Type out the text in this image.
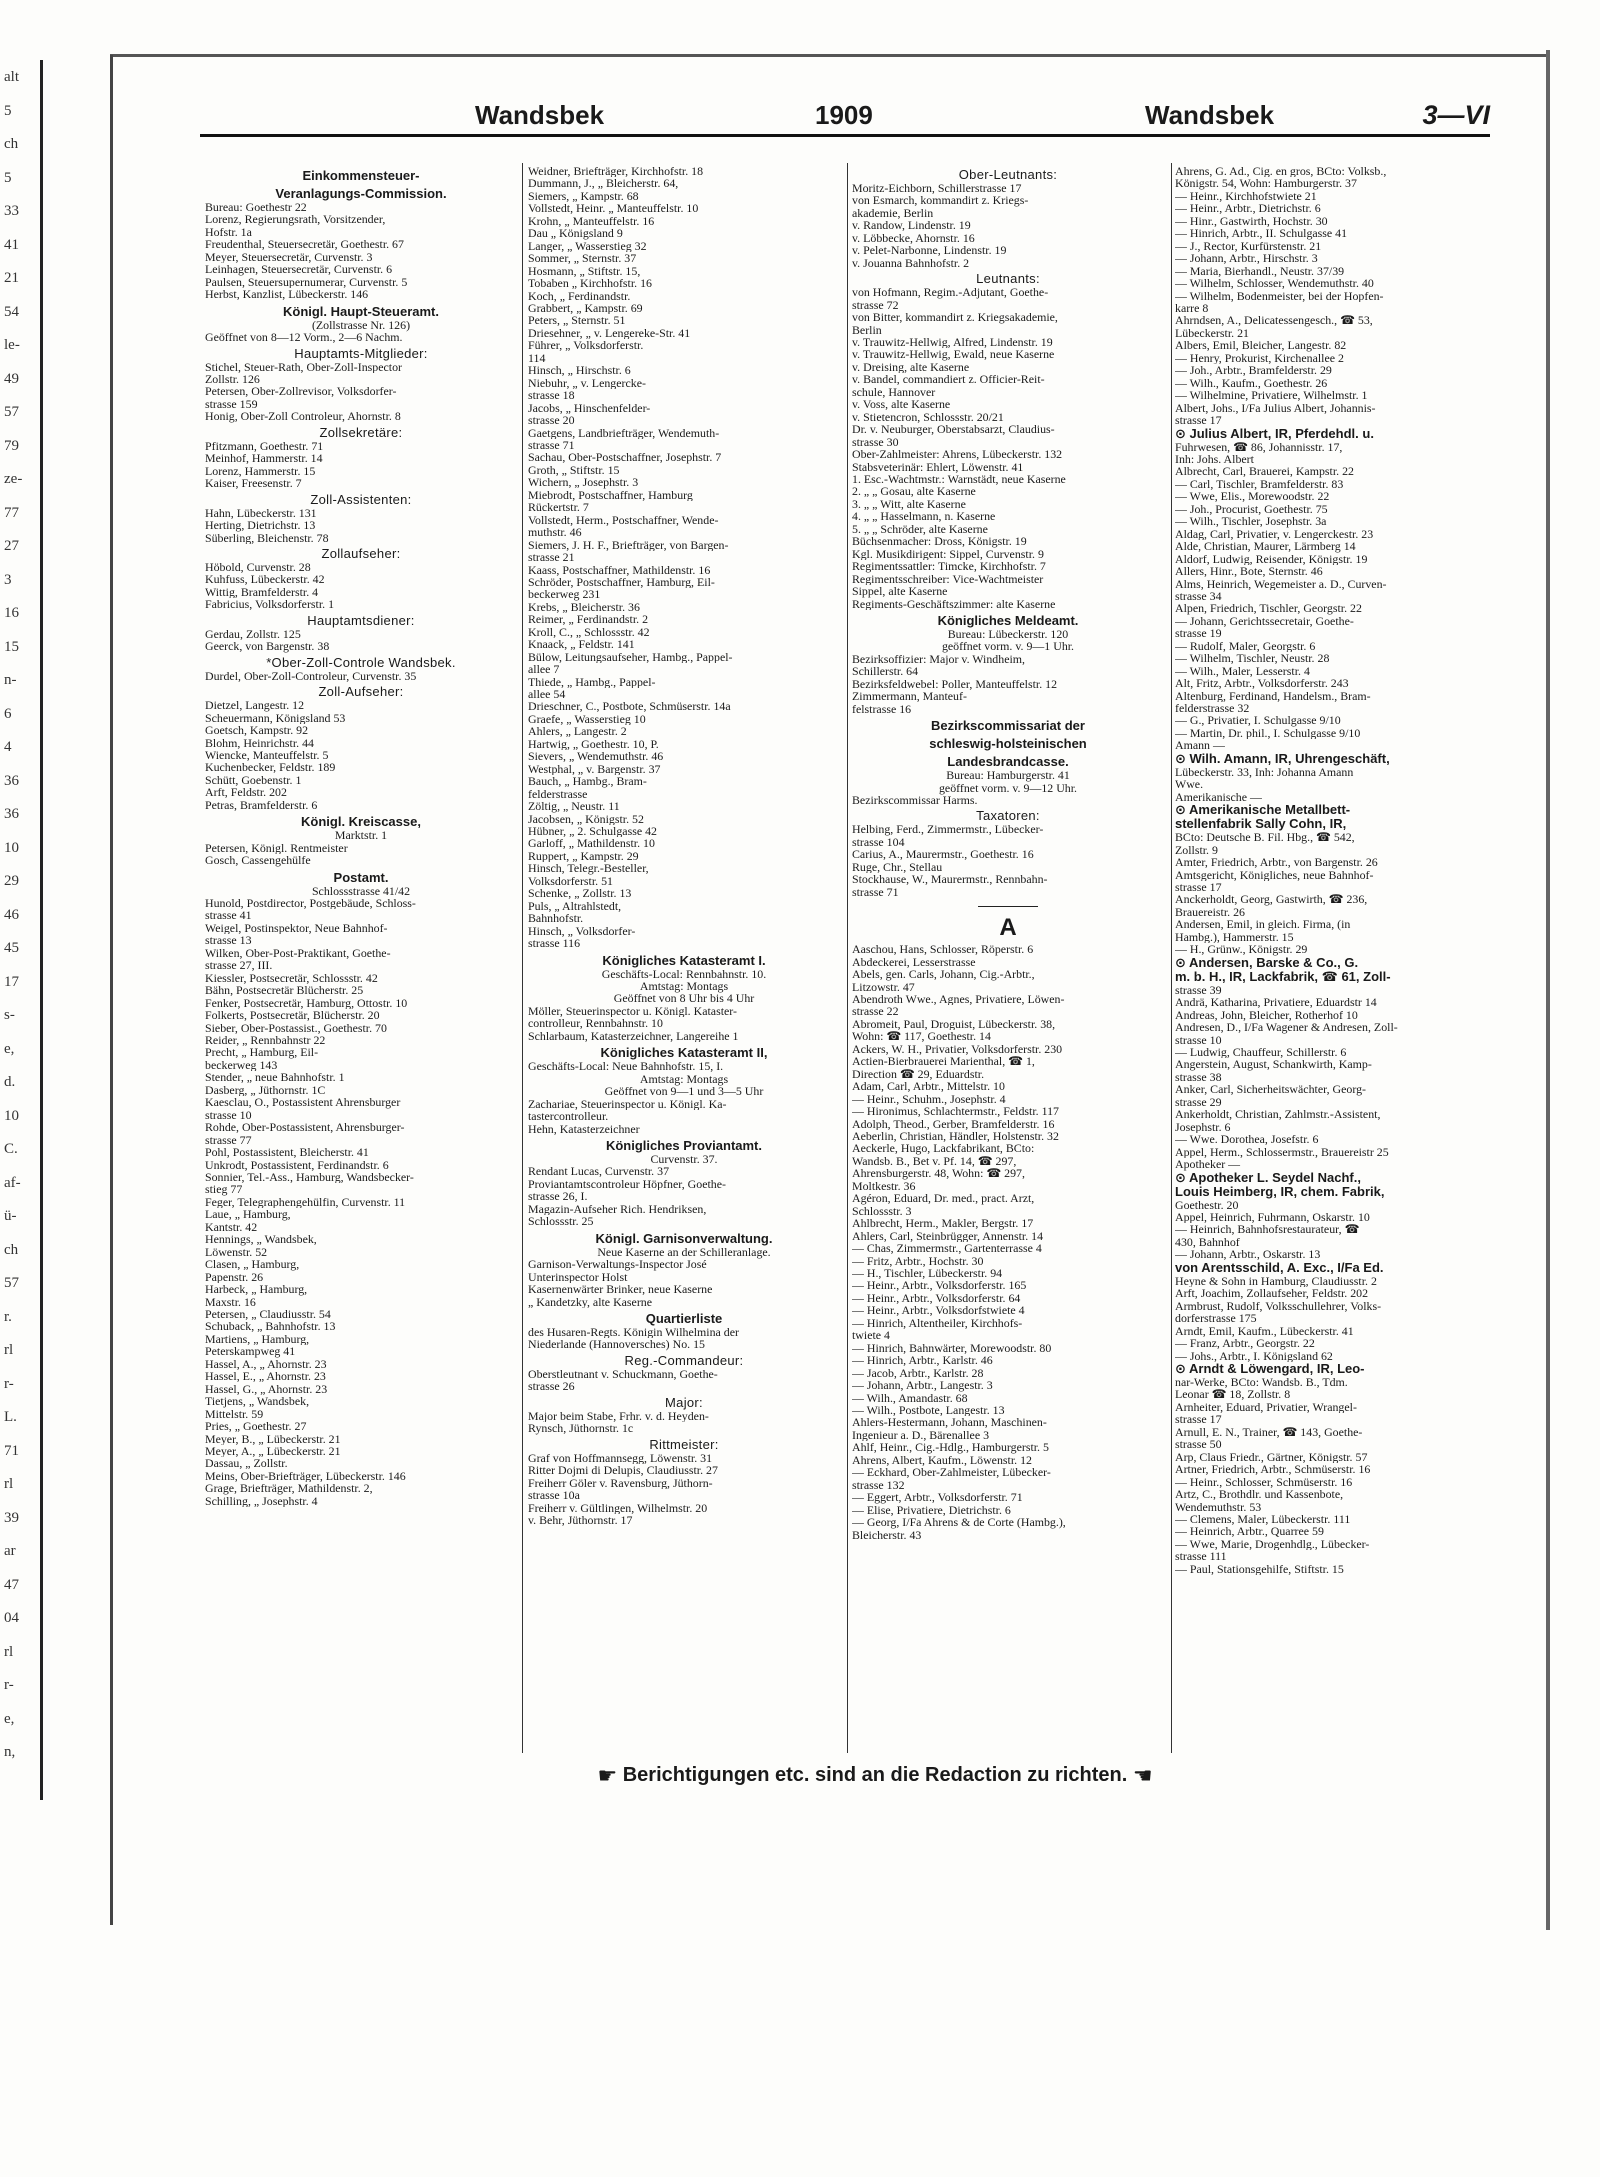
alt
5
ch
5
33
41
21
54
le-
49
57
79
ze-
77
27
3
16
15
n-
6
4
36
36
10
29
46
45
17
s-
e,
d.
10
C.
af-
ü-
ch
57
r.
rl
r-
L.
71
rl
39
ar
47
04
rl
r-
e,
n,
Wandsbek	1909	Wandsbek	3—VI
Einkommensteuer-
Veranlagungs-Commission.
Bureau: Goethestr 22
Lorenz, Regierungsrath, Vorsitzender,
Hofstr. 1a
Freudenthal, Steuersecretär, Goethestr. 67
Meyer, Steuersecretär, Curvenstr. 3
Leinhagen, Steuersecretär, Curvenstr. 6
Paulsen, Steuersupernumerar, Curvenstr. 5
Herbst, Kanzlist, Lübeckerstr. 146
Königl. Haupt-Steueramt.
(Zollstrasse Nr. 126)
Geöffnet von 8—12 Vorm., 2—6 Nachm.
Hauptamts-Mitglieder:
Stichel, Steuer-Rath, Ober-Zoll-Inspector
Zollstr. 126
Petersen, Ober-Zollrevisor, Volksdorfer-
strasse 159
Honig, Ober-Zoll Controleur, Ahornstr. 8
Zollsekretäre:
Pfitzmann, Goethestr. 71
Meinhof, Hammerstr. 14
Lorenz, Hammerstr. 15
Kaiser, Freesenstr. 7
Zoll-Assistenten:
Hahn, Lübeckerstr. 131
Herting, Dietrichstr. 13
Süberling, Bleichenstr. 78
Zollaufseher:
Höbold, Curvenstr. 28
Kuhfuss, Lübeckerstr. 42
Wittig, Bramfelderstr. 4
Fabricius, Volksdorferstr. 1
Hauptamtsdiener:
Gerdau, Zollstr. 125
Geerck, von Bargenstr. 38
*Ober-Zoll-Controle Wandsbek.
Durdel, Ober-Zoll-Controleur, Curvenstr. 35
Zoll-Aufseher:
Dietzel, Langestr. 12
Scheuermann, Königsland 53
Goetsch, Kampstr. 92
Blohm, Heinrichstr. 44
Wiencke, Manteuffelstr. 5
Kuchenbecker, Feldstr. 189
Schütt, Goebenstr. 1
Arft, Feldstr. 202
Petras, Bramfelderstr. 6
Königl. Kreiscasse,
Marktstr. 1
Petersen, Königl. Rentmeister
Gosch, Cassengehülfe
Postamt.
Schlossstrasse 41/42
Hunold, Postdirector, Postgebäude, Schloss-
strasse 41
Weigel, Postinspektor, Neue Bahnhof-
strasse 13
Wilken, Ober-Post-Praktikant, Goethe-
strasse 27, III.
Kiessler, Postsecretär, Schlossstr. 42
Bähn, Postsecretär Blücherstr. 25
Fenker, Postsecretär, Hamburg, Ottostr. 10
Folkerts, Postsecretär, Blücherstr. 20
Sieber, Ober-Postassist., Goethestr. 70
Reider, „ Rennbahnstr 22
Precht, „ Hamburg, Eil-
beckerweg 143
Stender, „ neue Bahnhofstr. 1
Dasberg, „ Jüthornstr. 1C
Kaesclau, O., Postassistent Ahrensburger
strasse 10
Rohde, Ober-Postassistent, Ahrensburger-
strasse 77
Pohl, Postassistent, Bleicherstr. 41
Unkrodt, Postassistent, Ferdinandstr. 6
Sonnier, Tel.-Ass., Hamburg, Wandsbecker-
stieg 77
Feger, Telegraphengehülfin, Curvenstr. 11
Laue, „ Hamburg,
Kantstr. 42
Hennings, „ Wandsbek,
Löwenstr. 52
Clasen, „ Hamburg,
Papenstr. 26
Harbeck, „ Hamburg,
Maxstr. 16
Petersen, „ Claudiusstr. 54
Schuback, „ Bahnhofstr. 13
Martiens, „ Hamburg,
Peterskampweg 41
Hassel, A., „ Ahornstr. 23
Hassel, E., „ Ahornstr. 23
Hassel, G., „ Ahornstr. 23
Tietjens, „ Wandsbek,
Mittelstr. 59
Pries, „ Goethestr. 27
Meyer, B., „ Lübeckerstr. 21
Meyer, A., „ Lübeckerstr. 21
Dassau, „ Zollstr.
Meins, Ober-Briefträger, Lübeckerstr. 146
Grage, Briefträger, Mathildenstr. 2,
Schilling, „ Josephstr. 4
Weidner, Briefträger, Kirchhofstr. 18
Dummann, J., „ Bleicherstr. 64,
Siemers, „ Kampstr. 68
Vollstedt, Heinr. „ Manteuffelstr. 10
Krohn, „ Manteuffelstr. 16
Dau „ Königsland 9
Langer, „ Wasserstieg 32
Sommer, „ Sternstr. 37
Hosmann, „ Stiftstr. 15,
Tobaben „ Kirchhofstr. 16
Koch, „ Ferdinandstr.
Grabbert, „ Kampstr. 69
Peters, „ Sternstr. 51
Driesehner, „ v. Lengereke-Str. 41
Führer, „ Volksdorferstr.
114
Hinsch, „ Hirschstr. 6
Niebuhr, „ v. Lengercke-
strasse 18
Jacobs, „ Hinschenfelder-
strasse 20
Gaetgens, Landbriefträger, Wendemuth-
strasse 71
Sachau, Ober-Postschaffner, Josephstr. 7
Groth, „ Stiftstr. 15
Wichern, „ Josephstr. 3
Miebrodt, Postschaffner, Hamburg
Rückertstr. 7
Vollstedt, Herm., Postschaffner, Wende-
muthstr. 46
Siemers, J. H. F., Briefträger, von Bargen-
strasse 21
Kaass, Postschaffner, Mathildenstr. 16
Schröder, Postschaffner, Hamburg, Eil-
beckerweg 231
Krebs, „ Bleicherstr. 36
Reimer, „ Ferdinandstr. 2
Kroll, C., „ Schlossstr. 42
Knaack, „ Feldstr. 141
Bülow, Leitungsaufseher, Hambg., Pappel-
allee 7
Thiede, „ Hambg., Pappel-
allee 54
Drieschner, C., Postbote, Schmüserstr. 14a
Graefe, „ Wasserstieg 10
Ahlers, „ Langestr. 2
Hartwig, „ Goethestr. 10, P.
Sievers, „ Wendemuthstr. 46
Westphal, „ v. Bargenstr. 37
Bauch, „ Hambg., Bram-
felderstrasse
Zöltig, „ Neustr. 11
Jacobsen, „ Königstr. 52
Hübner, „ 2. Schulgasse 42
Garloff, „ Mathildenstr. 10
Ruppert, „ Kampstr. 29
Hinsch, Telegr.-Besteller,
Volksdorferstr. 51
Schenke, „ Zollstr. 13
Puls, „ Altrahlstedt,
Bahnhofstr.
Hinsch, „ Volksdorfer-
strasse 116
Königliches Katasteramt I.
Geschäfts-Local: Rennbahnstr. 10.
Amtstag: Montags
Geöffnet von 8 Uhr bis 4 Uhr
Möller, Steuerinspector u. Königl. Kataster-
controlleur, Rennbahnstr. 10
Schlarbaum, Katasterzeichner, Langereihe 1
Königliches Katasteramt II,
Geschäfts-Local: Neue Bahnhofstr. 15, I.
Amtstag: Montags
Geöffnet von 9—1 und 3—5 Uhr
Zachariae, Steuerinspector u. Königl. Ka-
tastercontrolleur.
Hehn, Katasterzeichner
Königliches Proviantamt.
Curvenstr. 37.
Rendant Lucas, Curvenstr. 37
Proviantamtscontroleur Höpfner, Goethe-
strasse 26, I.
Magazin-Aufseher Rich. Hendriksen,
Schlossstr. 25
Königl. Garnisonverwaltung.
Neue Kaserne an der Schilleranlage.
Garnison-Verwaltungs-Inspector José
Unterinspector Holst
Kasernenwärter Brinker, neue Kaserne
„ Kandetzky, alte Kaserne
Quartierliste
des Husaren-Regts. Königin Wilhelmina der
Niederlande (Hannoversches) No. 15
Reg.-Commandeur:
Oberstleutnant v. Schuckmann, Goethe-
strasse 26
Major:
Major beim Stabe, Frhr. v. d. Heyden-
Rynsch, Jüthornstr. 1c
Rittmeister:
Graf von Hoffmannsegg, Löwenstr. 31
Ritter Dojmi di Delupis, Claudiusstr. 27
Freiherr Göler v. Ravensburg, Jüthorn-
strasse 10a
Freiherr v. Gültlingen, Wilhelmstr. 20
v. Behr, Jüthornstr. 17
Ober-Leutnants:
Moritz-Eichborn, Schillerstrasse 17
von Esmarch, kommandirt z. Kriegs-
akademie, Berlin
v. Randow, Lindenstr. 19
v. Löbbecke, Ahornstr. 16
v. Pelet-Narbonne, Lindenstr. 19
v. Jouanna Bahnhofstr. 2
Leutnants:
von Hofmann, Regim.-Adjutant, Goethe-
strasse 72
von Bitter, kommandirt z. Kriegsakademie,
Berlin
v. Trauwitz-Hellwig, Alfred, Lindenstr. 19
v. Trauwitz-Hellwig, Ewald, neue Kaserne
v. Dreising, alte Kaserne
v. Bandel, commandiert z. Officier-Reit-
schule, Hannover
v. Voss, alte Kaserne
v. Stietencron, Schlossstr. 20/21
Dr. v. Neuburger, Oberstabsarzt, Claudius-
strasse 30
Ober-Zahlmeister: Ahrens, Lübeckerstr. 132
Stabsveterinär: Ehlert, Löwenstr. 41
1. Esc.-Wachtmstr.: Warnstädt, neue Kaserne
2. „ „ Gosau, alte Kaserne
3. „ „ Witt, alte Kaserne
4. „ „ Hasselmann, n. Kaserne
5. „ „ Schröder, alte Kaserne
Büchsenmacher: Dross, Königstr. 19
Kgl. Musikdirigent: Sippel, Curvenstr. 9
Regimentssattler: Timcke, Kirchhofstr. 7
Regimentsschreiber: Vice-Wachtmeister
Sippel, alte Kaserne
Regiments-Geschäftszimmer: alte Kaserne
Königliches Meldeamt.
Bureau: Lübeckerstr. 120
geöffnet vorm. v. 9—1 Uhr.
Bezirksoffizier: Major v. Windheim,
Schillerstr. 64
Bezirksfeldwebel: Poller, Manteuffelstr. 12
Zimmermann, Manteuf-
felstrasse 16
Bezirkscommissariat der
schleswig-holsteinischen
Landesbrandcasse.
Bureau: Hamburgerstr. 41
geöffnet vorm. v. 9—12 Uhr.
Bezirkscommissar Harms.
Taxatoren:
Helbing, Ferd., Zimmermstr., Lübecker-
strasse 104
Carius, A., Maurermstr., Goethestr. 16
Ruge, Chr., Stellau
Stockhause, W., Maurermstr., Rennbahn-
strasse 71
A
Aaschou, Hans, Schlosser, Röperstr. 6
Abdeckerei, Lesserstrasse
Abels, gen. Carls, Johann, Cig.-Arbtr.,
Litzowstr. 47
Abendroth Wwe., Agnes, Privatiere, Löwen-
strasse 22
Abromeit, Paul, Droguist, Lübeckerstr. 38,
Wohn: ☎ 117, Goethestr. 14
Ackers, W. H., Privatier, Volksdorferstr. 230
Actien-Bierbrauerei Marienthal, ☎ 1,
Direction ☎ 29, Eduardstr.
Adam, Carl, Arbtr., Mittelstr. 10
— Heinr., Schuhm., Josephstr. 4
— Hironimus, Schlachtermstr., Feldstr. 117
Adolph, Theod., Gerber, Bramfelderstr. 16
Aeberlin, Christian, Händler, Holstenstr. 32
Aeckerle, Hugo, Lackfabrikant, BCto:
Wandsb. B., Bet v. Pf. 14, ☎ 297,
Ahrensburgerstr. 48, Wohn: ☎ 297,
Moltkestr. 36
Agéron, Eduard, Dr. med., pract. Arzt,
Schlossstr. 3
Ahlbrecht, Herm., Makler, Bergstr. 17
Ahlers, Carl, Steinbrügger, Annenstr. 14
— Chas, Zimmermstr., Gartenterrasse 4
— Fritz, Arbtr., Hochstr. 30
— H., Tischler, Lübeckerstr. 94
— Heinr., Arbtr., Volksdorferstr. 165
— Heinr., Arbtr., Volksdorferstr. 64
— Heinr., Arbtr., Volksdorfstwiete 4
— Hinrich, Altentheiler, Kirchhofs-
twiete 4
— Hinrich, Bahnwärter, Morewoodstr. 80
— Hinrich, Arbtr., Karlstr. 46
— Jacob, Arbtr., Karlstr. 28
— Johann, Arbtr., Langestr. 3
— Wilh., Amandastr. 68
— Wilh., Postbote, Langestr. 13
Ahlers-Hestermann, Johann, Maschinen-
Ingenieur a. D., Bärenallee 3
Ahlf, Heinr., Cig.-Hdlg., Hamburgerstr. 5
Ahrens, Albert, Kaufm., Löwenstr. 12
— Eckhard, Ober-Zahlmeister, Lübecker-
strasse 132
— Eggert, Arbtr., Volksdorferstr. 71
— Elise, Privatiere, Dietrichstr. 6
— Georg, I/Fa Ahrens & de Corte (Hambg.),
Bleicherstr. 43
Ahrens, G. Ad., Cig. en gros, BCto: Volksb.,
Königstr. 54, Wohn: Hamburgerstr. 37
— Heinr., Kirchhofstwiete 21
— Heinr., Arbtr., Dietrichstr. 6
— Hinr., Gastwirth, Hochstr. 30
— Hinrich, Arbtr., II. Schulgasse 41
— J., Rector, Kurfürstenstr. 21
— Johann, Arbtr., Hirschstr. 3
— Maria, Bierhandl., Neustr. 37/39
— Wilhelm, Schlosser, Wendemuthstr. 40
— Wilhelm, Bodenmeister, bei der Hopfen-
karre 8
Ahrndsen, A., Delicatessengesch., ☎ 53,
Lübeckerstr. 21
Albers, Emil, Bleicher, Langestr. 82
— Henry, Prokurist, Kirchenallee 2
— Joh., Arbtr., Bramfelderstr. 29
— Wilh., Kaufm., Goethestr. 26
— Wilhelmine, Privatiere, Wilhelmstr. 1
Albert, Johs., I/Fa Julius Albert, Johannis-
strasse 17
⊙ Julius Albert, IR, Pferdehdl. u.
Fuhrwesen, ☎ 86, Johannisstr. 17,
Inh: Johs. Albert
Albrecht, Carl, Brauerei, Kampstr. 22
— Carl, Tischler, Bramfelderstr. 83
— Wwe, Elis., Morewoodstr. 22
— Joh., Procurist, Goethestr. 75
— Wilh., Tischler, Josephstr. 3a
Aldag, Carl, Privatier, v. Lengerckestr. 23
Alde, Christian, Maurer, Lärmberg 14
Aldorf, Ludwig, Reisender, Königstr. 19
Allers, Hinr., Bote, Sternstr. 46
Alms, Heinrich, Wegemeister a. D., Curven-
strasse 34
Alpen, Friedrich, Tischler, Georgstr. 22
— Johann, Gerichtssecretair, Goethe-
strasse 19
— Rudolf, Maler, Georgstr. 6
— Wilhelm, Tischler, Neustr. 28
— Wilh., Maler, Lesserstr. 4
Alt, Fritz, Arbtr., Volksdorferstr. 243
Altenburg, Ferdinand, Handelsm., Bram-
felderstrasse 32
— G., Privatier, I. Schulgasse 9/10
— Martin, Dr. phil., I. Schulgasse 9/10
Amann —
⊙ Wilh. Amann, IR, Uhrengeschäft,
Lübeckerstr. 33, Inh: Johanna Amann
Wwe.
Amerikanische —
⊙ Amerikanische Metallbett-
stellenfabrik Sally Cohn, IR,
BCto: Deutsche B. Fil. Hbg., ☎ 542,
Zollstr. 9
Amter, Friedrich, Arbtr., von Bargenstr. 26
Amtsgericht, Königliches, neue Bahnhof-
strasse 17
Anckerholdt, Georg, Gastwirth, ☎ 236,
Brauereistr. 26
Andersen, Emil, in gleich. Firma, (in
Hambg.), Hammerstr. 15
— H., Grünw., Königstr. 29
⊙ Andersen, Barske & Co., G.
m. b. H., IR, Lackfabrik, ☎ 61, Zoll-
strasse 39
Andrä, Katharina, Privatiere, Eduardstr 14
Andreas, John, Bleicher, Rotherhof 10
Andresen, D., I/Fa Wagener & Andresen, Zoll-
strasse 10
— Ludwig, Chauffeur, Schillerstr. 6
Angerstein, August, Schankwirth, Kamp-
strasse 38
Anker, Carl, Sicherheitswächter, Georg-
strasse 29
Ankerholdt, Christian, Zahlmstr.-Assistent,
Josephstr. 6
— Wwe. Dorothea, Josefstr. 6
Appel, Herm., Schlossermstr., Brauereistr 25
Apotheker —
⊙ Apotheker L. Seydel Nachf.,
Louis Heimberg, IR, chem. Fabrik,
Goethestr. 20
Appel, Heinrich, Fuhrmann, Oskarstr. 10
— Heinrich, Bahnhofsrestaurateur, ☎
430, Bahnhof
— Johann, Arbtr., Oskarstr. 13
von Arentsschild, A. Exc., I/Fa Ed.
Heyne & Sohn in Hamburg, Claudiusstr. 2
Arft, Joachim, Zollaufseher, Feldstr. 202
Armbrust, Rudolf, Volksschullehrer, Volks-
dorferstrasse 175
Arndt, Emil, Kaufm., Lübeckerstr. 41
— Franz, Arbtr., Georgstr. 22
— Johs., Arbtr., I. Königsland 62
⊙ Arndt & Löwengard, IR, Leo-
nar-Werke, BCto: Wandsb. B., Tdm.
Leonar ☎ 18, Zollstr. 8
Arnheiter, Eduard, Privatier, Wrangel-
strasse 17
Arnull, E. N., Trainer, ☎ 143, Goethe-
strasse 50
Arp, Claus Friedr., Gärtner, Königstr. 57
Artner, Friedrich, Arbtr., Schmüserstr. 16
— Heinr., Schlosser, Schmüserstr. 16
Artz, C., Brothdlr. und Kassenbote,
Wendemuthstr. 53
— Clemens, Maler, Lübeckerstr. 111
— Heinrich, Arbtr., Quarree 59
— Wwe, Marie, Drogenhdlg., Lübecker-
strasse 111
— Paul, Stationsgehilfe, Stiftstr. 15
☛ Berichtigungen etc. sind an die Redaction zu richten. ☚
